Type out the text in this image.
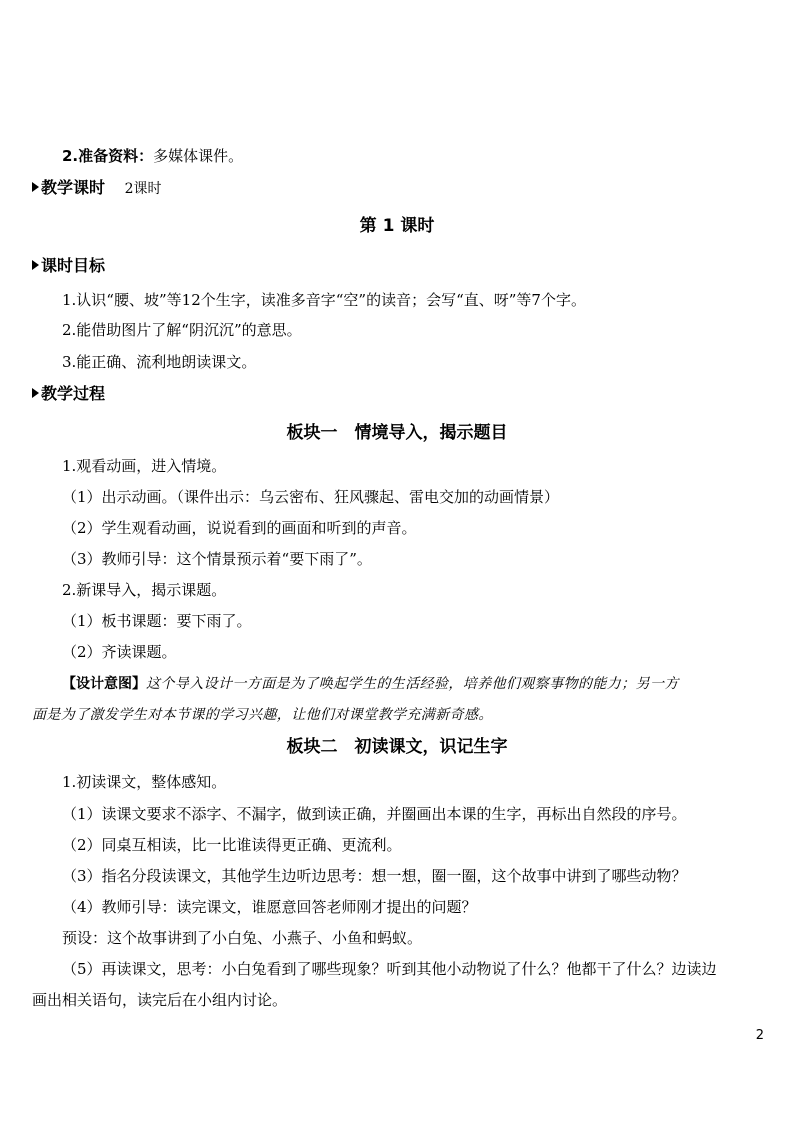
2.准备资料：多媒体课件。
教学课时 2课时
第 1 课时
课时目标
1.认识“腰、坡”等12个生字，读准多音字“空”的读音；会写“直、呀”等7个字。
2.能借助图片了解“阴沉沉”的意思。
3.能正确、流利地朗读课文。
教学过程
板块一　情境导入，揭示题目
1.观看动画，进入情境。
（1）出示动画。（课件出示：乌云密布、狂风骤起、雷电交加的动画情景）
（2）学生观看动画，说说看到的画面和听到的声音。
（3）教师引导：这个情景预示着“要下雨了”。
2.新课导入，揭示课题。
（1）板书课题：要下雨了。
（2）齐读课题。
【设计意图】这个导入设计一方面是为了唤起学生的生活经验，培养他们观察事物的能力；另一方
面是为了激发学生对本节课的学习兴趣，让他们对课堂教学充满新奇感。
板块二　初读课文，识记生字
1.初读课文，整体感知。
（1）读课文要求不添字、不漏字，做到读正确，并圈画出本课的生字，再标出自然段的序号。
（2）同桌互相读，比一比谁读得更正确、更流利。
（3）指名分段读课文，其他学生边听边思考：想一想，圈一圈，这个故事中讲到了哪些动物？
（4）教师引导：读完课文，谁愿意回答老师刚才提出的问题？
预设：这个故事讲到了小白兔、小燕子、小鱼和蚂蚁。
（5）再读课文，思考：小白兔看到了哪些现象？听到其他小动物说了什么？他都干了什么？边读边
画出相关语句，读完后在小组内讨论。
2
